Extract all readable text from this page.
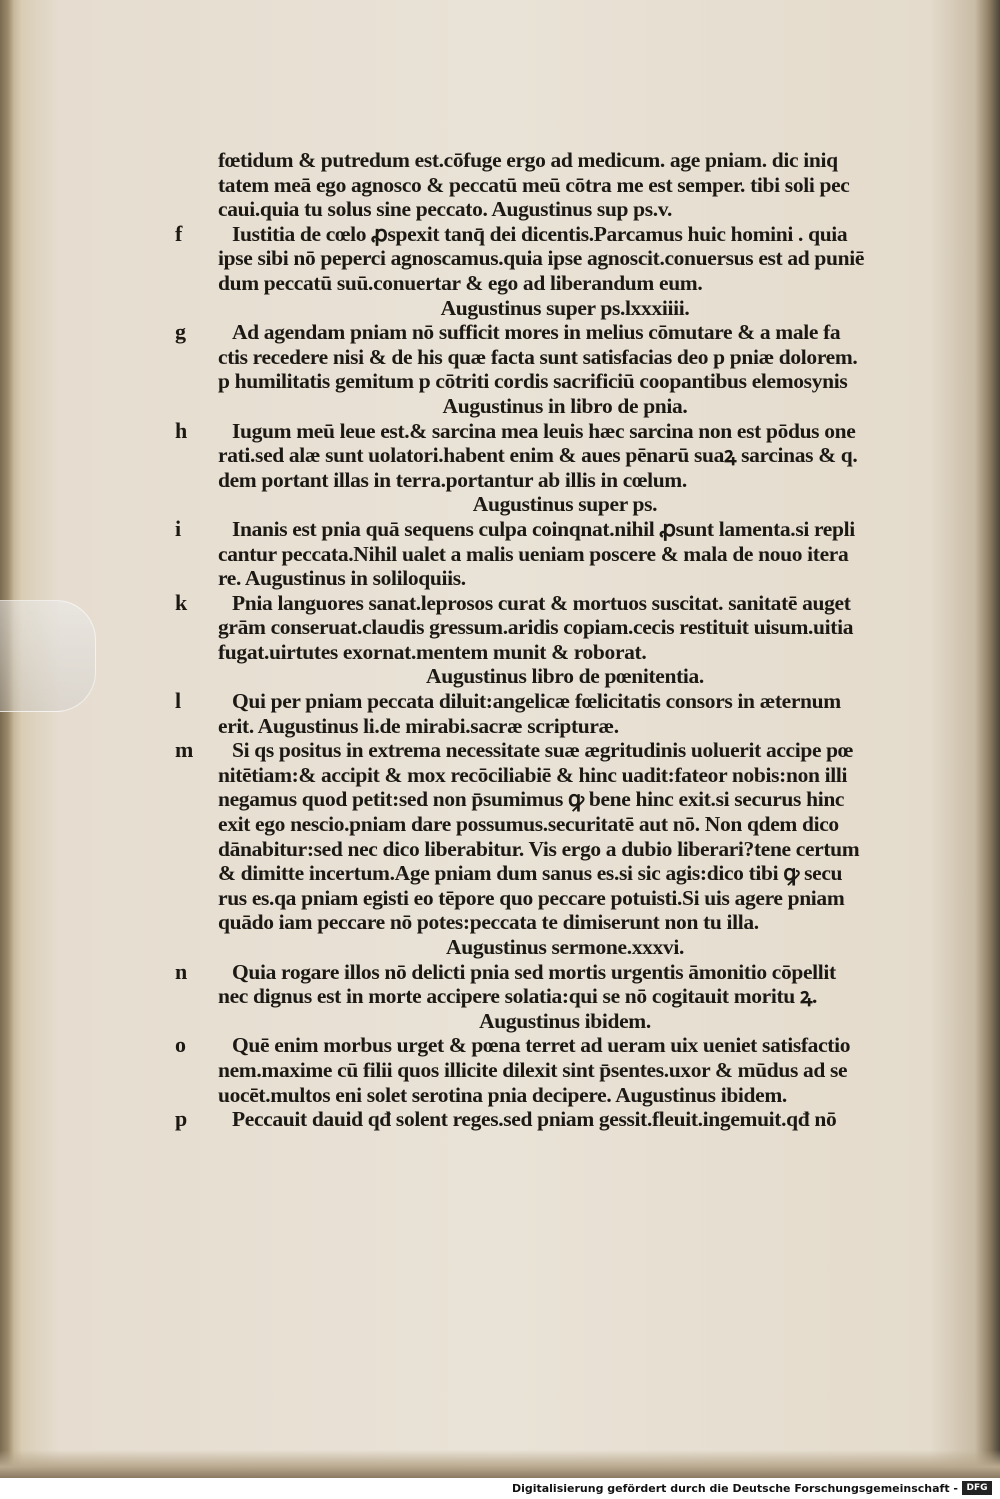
fœtidum & putredum est.cōfuge ergo ad medicum. age pniam. dic iniq
tatem meā ego agnosco & peccatū meū cōtra me est semper. tibi soli pec
caui.quia tu solus sine peccato. Augustinus sup ps.v.
f Iustitia de cœlo ꝓspexit tanq̄ dei dicentis.Parcamus huic homini . quia
ipse sibi nō peperci agnoscamus.quia ipse agnoscit.conuersus est ad puniē
dum peccatū suū.conuertar & ego ad liberandum eum.
Augustinus super ps.lxxxiiii.
g Ad agendam pniam nō sufficit mores in melius cōmutare & a male fa
ctis recedere nisi & de his quæ facta sunt satisfacias deo p pniæ dolorem.
p humilitatis gemitum p cōtriti cordis sacrificiū coopantibus elemosynis
Augustinus in libro de pnia.
h Iugum meū leue est.& sarcina mea leuis hæc sarcina non est pōdus one
rati.sed alæ sunt uolatori.habent enim & aues pēnarū suaꝝ sarcinas & q.
dem portant illas in terra.portantur ab illis in cœlum.
Augustinus super ps.
i Inanis est pnia quā sequens culpa coinqnat.nihil ꝓsunt lamenta.si repli
cantur peccata.Nihil ualet a malis ueniam poscere & mala de nouo itera
re. Augustinus in soliloquiis.
k Pnia languores sanat.leprosos curat & mortuos suscitat. sanitatē auget
grām conseruat.claudis gressum.aridis copiam.cecis restituit uisum.uitia
fugat.uirtutes exornat.mentem munit & roborat.
Augustinus libro de pœnitentia.
l Qui per pniam peccata diluit:angelicæ fœlicitatis consors in æternum
erit. Augustinus li.de mirabi.sacræ scripturæ.
m Si qs positus in extrema necessitate suæ ægritudinis uoluerit accipe pœ
nitētiam:& accipit & mox recōciliabiē & hinc uadit:fateor nobis:non illi
negamus quod petit:sed non p̄sumimus ꝙ bene hinc exit.si securus hinc
exit ego nescio.pniam dare possumus.securitatē aut nō. Non qdem dico
dānabitur:sed nec dico liberabitur. Vis ergo a dubio liberari?tene certum
& dimitte incertum.Age pniam dum sanus es.si sic agis:dico tibi ꝙ secu
rus es.qa pniam egisti eo tēpore quo peccare potuisti.Si uis agere pniam
quādo iam peccare nō potes:peccata te dimiserunt non tu illa.
Augustinus sermone.xxxvi.
n Quia rogare illos nō delicti pnia sed mortis urgentis āmonitio cōpellit
nec dignus est in morte accipere solatia:qui se nō cogitauit moritu ꝝ.
Augustinus ibidem.
o Quē enim morbus urget & pœna terret ad ueram uix ueniet satisfactio
nem.maxime cū filii quos illicite dilexit sint p̄sentes.uxor & mūdus ad se
uocēt.multos eni solet serotina pnia decipere. Augustinus ibidem.
p Peccauit dauid qđ solent reges.sed pniam gessit.fleuit.ingemuit.qđ nō
Digitalisierung gefördert durch die Deutsche Forschungsgemeinschaft - DFG
